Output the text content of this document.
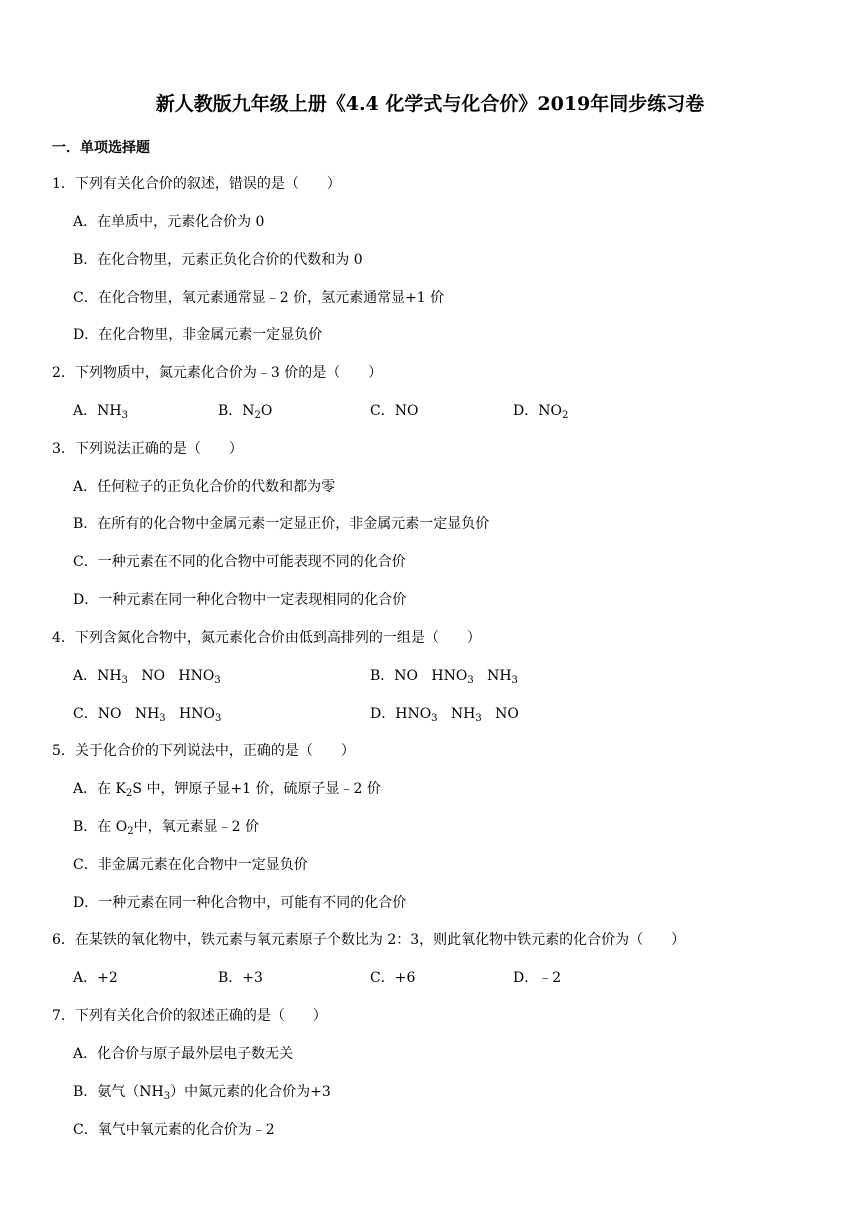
新人教版九年级上册《4.4 化学式与化合价》2019年同步练习卷
一．单项选择题
1．下列有关化合价的叙述，错误的是（　　）
A．在单质中，元素化合价为 0
B．在化合物里，元素正负化合价的代数和为 0
C．在化合物里，氧元素通常显﹣2 价，氢元素通常显+1 价
D．在化合物里，非金属元素一定显负价
2．下列物质中，氮元素化合价为﹣3 价的是（　　）
A．$NH_3$	B．$N_2O$	C．NO	D．$NO_2$
3．下列说法正确的是（　　）
A．任何粒子的正负化合价的代数和都为零
B．在所有的化合物中金属元素一定显正价，非金属元素一定显负价
C．一种元素在不同的化合物中可能表现不同的化合价
D．一种元素在同一种化合物中一定表现相同的化合价
4．下列含氮化合物中，氮元素化合价由低到高排列的一组是（　　）
A．$NH_3$ NO $HNO_3$	B．NO $HNO_3$ $NH_3$
C．NO $NH_3$ $HNO_3$	D．$HNO_3$ $NH_3$ NO
5．关于化合价的下列说法中，正确的是（　　）
A．在 $K_2S$ 中，钾原子显+1 价，硫原子显﹣2 价
B．在 $O_2$中，氧元素显﹣2 价
C．非金属元素在化合物中一定显负价
D．一种元素在同一种化合物中，可能有不同的化合价
6．在某铁的氧化物中，铁元素与氧元素原子个数比为 2：3，则此氧化物中铁元素的化合价为（　　）
A．+2	B．+3	C．+6	D．﹣2
7．下列有关化合价的叙述正确的是（　　）
A．化合价与原子最外层电子数无关
B．氨气$(NH_3)$中氮元素的化合价为+3
C．氧气中氧元素的化合价为﹣2
